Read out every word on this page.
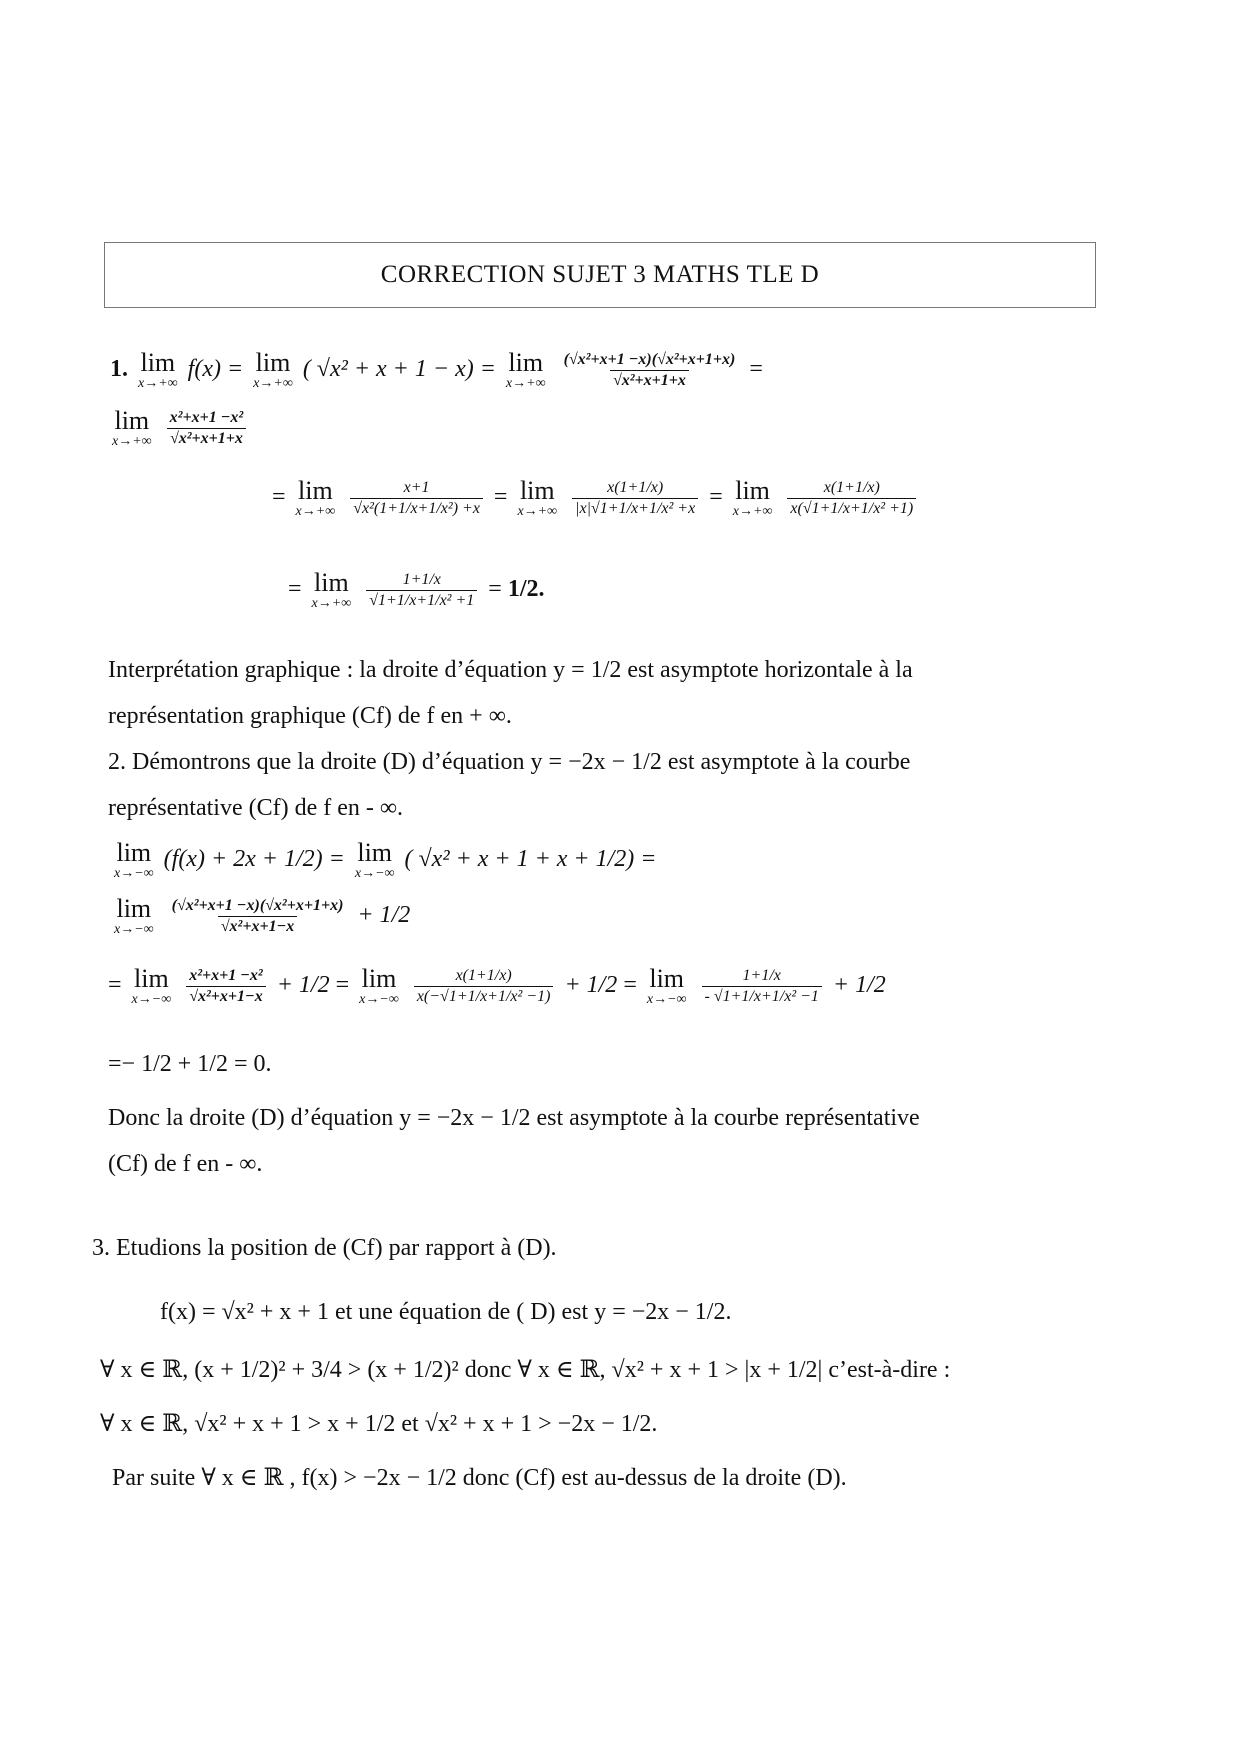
CORRECTION SUJET 3 MATHS TLE D
1. lim
x→+∞
f(x) = lim
x→+∞
( √x² + x + 1 − x) = lim
x→+∞
$\frac{\text{(√x²+x+1 −x)(√x²+x+1+x)}}{\text{√x²+x+1+x}}$ =
lim
x→+∞
$\frac{\text{x²+x+1 −x²}}{\text{√x²+x+1+x}}$
= lim
x→+∞
$\frac{x+1}{\text{√x²(1+1/x+1/x²) +x}} = \lim$
x→+∞
$\frac{x(1+1/x)}{\text{|x|√1+1/x+1/x² +x}} = \lim$
x→+∞
$\frac{x(1+1/x)}{\text{x(√1+1/x+1/x² +1)}}$
= lim
x→+∞
$\frac{1+1/x}{\text{√1+1/x+1/x² +1}} = 1/2$.
Interprétation graphique : la droite d’équation y = 1/2 est asymptote horizontale à la
représentation graphique (Cf) de f en + ∞.
2. Démontrons que la droite (D) d’équation y = −2x − 1/2 est asymptote à la courbe
représentative (Cf) de f en - ∞.
lim
x→−∞
(f(x) + 2x + 1/2) = lim
x→−∞
( √x² + x + 1 + x + 1/2) =
lim
x→−∞
$\frac{\text{(√x²+x+1 −x)(√x²+x+1+x)}}{\text{√x²+x+1−x}} + 1/2$
= lim
x→−∞
$\frac{\text{x²+x+1 −x²}}{\text{√x²+x+1−x}} + 1/2 = \lim$
x→−∞
$\frac{x(1+1/x)}{\text{x(−√1+1/x+1/x² −1)}} + 1/2 = \lim$
x→−∞
$\frac{1+1/x}{\text{- √1+1/x+1/x² −1}} + 1/2$
=− 1/2 + 1/2 = 0.
Donc la droite (D) d’équation y = −2x − 1/2 est asymptote à la courbe représentative
(Cf) de f en - ∞.
3. Etudions la position de (Cf) par rapport à (D).
f(x) = √x² + x + 1 et une équation de ( D) est y = −2x − 1/2.
∀ x ∈ ℝ, (x + 1/2)² + 3/4 > (x + 1/2)² donc ∀ x ∈ ℝ, √x² + x + 1 > |x + 1/2| c’est-à-dire :
∀ x ∈ ℝ, √x² + x + 1 > x + 1/2 et √x² + x + 1 > −2x − 1/2.
Par suite ∀ x ∈ ℝ , f(x) > −2x − 1/2 donc (Cf) est au-dessus de la droite (D).
